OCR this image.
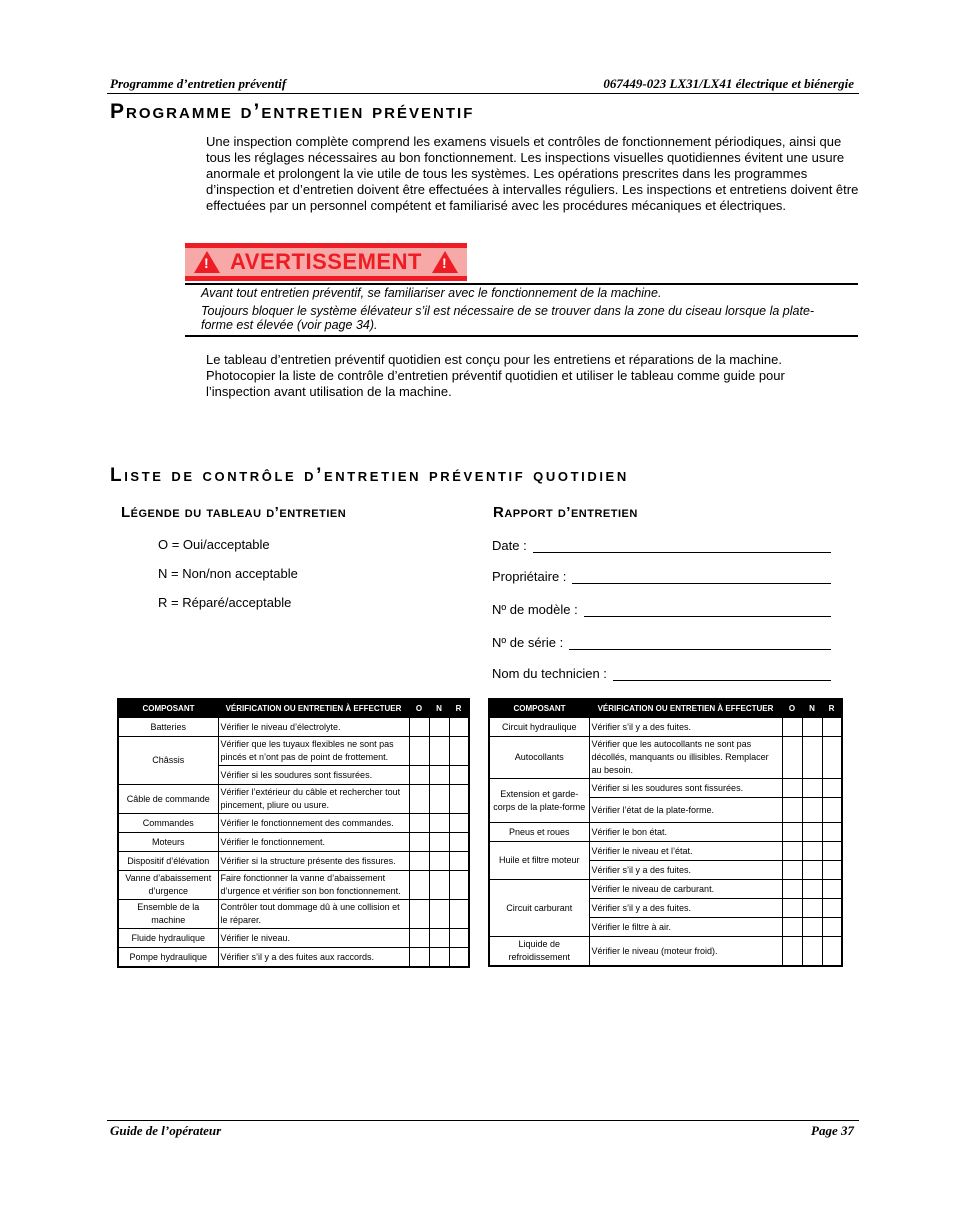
Programme d’entretien préventif	067449-023 LX31/LX41 électrique et biénergie
Programme d’entretien préventif

Une inspection complète comprend les examens visuels et contrôles de fonctionnement périodiques, ainsi que tous les réglages nécessaires au bon fonctionnement. Les inspections visuelles quotidiennes évitent une usure anormale et prolongent la vie utile de tous les systèmes. Les opérations prescrites dans les programmes d’inspection et d’entretien doivent être effectuées à intervalles réguliers. Les inspections et entretiens doivent être effectuées par un personnel compétent et familiarisé avec les procédures mécaniques et électriques.

! AVERTISSEMENT !
Avant tout entretien préventif, se familiariser avec le fonctionnement de la machine.
Toujours bloquer le système élévateur s’il est nécessaire de se trouver dans la zone du ciseau lorsque la plate-forme est élevée (voir page 34).

Le tableau d’entretien préventif quotidien est conçu pour les entretiens et réparations de la machine. Photocopier la liste de contrôle d’entretien préventif quotidien et utiliser le tableau comme guide pour l’inspection avant utilisation de la machine.

Liste de contrôle d’entretien préventif quotidien
Légende du tableau d’entretien
O = Oui/acceptable
N = Non/non acceptable
R = Réparé/acceptable
Rapport d’entretien
Date :
Propriétaire :
Nº de modèle :
Nº de série :
Nom du technicien :
COMPOSANT	VÉRIFICATION OU ENTRETIEN À EFFECTUER	O	N	R
Batteries	Vérifier le niveau d’électrolyte.			
Châssis	Vérifier que les tuyaux flexibles ne sont pas pincés et n’ont pas de point de frottement.			
	Vérifier si les soudures sont fissurées.			
Câble de commande	Vérifier l’extérieur du câble et rechercher tout pincement, pliure ou usure.			
Commandes	Vérifier le fonctionnement des commandes.			
Moteurs	Vérifier le fonctionnement.			
Dispositif d’élévation	Vérifier si la structure présente des fissures.			
Vanne d’abaissement d’urgence	Faire fonctionner la vanne d’abaissement d’urgence et vérifier son bon fonctionnement.			
Ensemble de la machine	Contrôler tout dommage dû à une collision et le réparer.			
Fluide hydraulique	Vérifier le niveau.			
Pompe hydraulique	Vérifier s’il y a des fuites aux raccords.			
COMPOSANT	VÉRIFICATION OU ENTRETIEN À EFFECTUER	O	N	R
Circuit hydraulique	Vérifier s’il y a des fuites.			
Autocollants	Vérifier que les autocollants ne sont pas décollés, manquants ou illisibles. Remplacer au besoin.			
Extension et garde-corps de la plate-forme	Vérifier si les soudures sont fissurées.			
	Vérifier l’état de la plate-forme.			
Pneus et roues	Vérifier le bon état.			
Huile et filtre moteur	Vérifier le niveau et l’état.			
	Vérifier s’il y a des fuites.			
Circuit carburant	Vérifier le niveau de carburant.			
	Vérifier s’il y a des fuites.			
	Vérifier le filtre à air.			
Liquide de refroidissement	Vérifier le niveau (moteur froid).			
Guide de l’opérateur	Page 37
